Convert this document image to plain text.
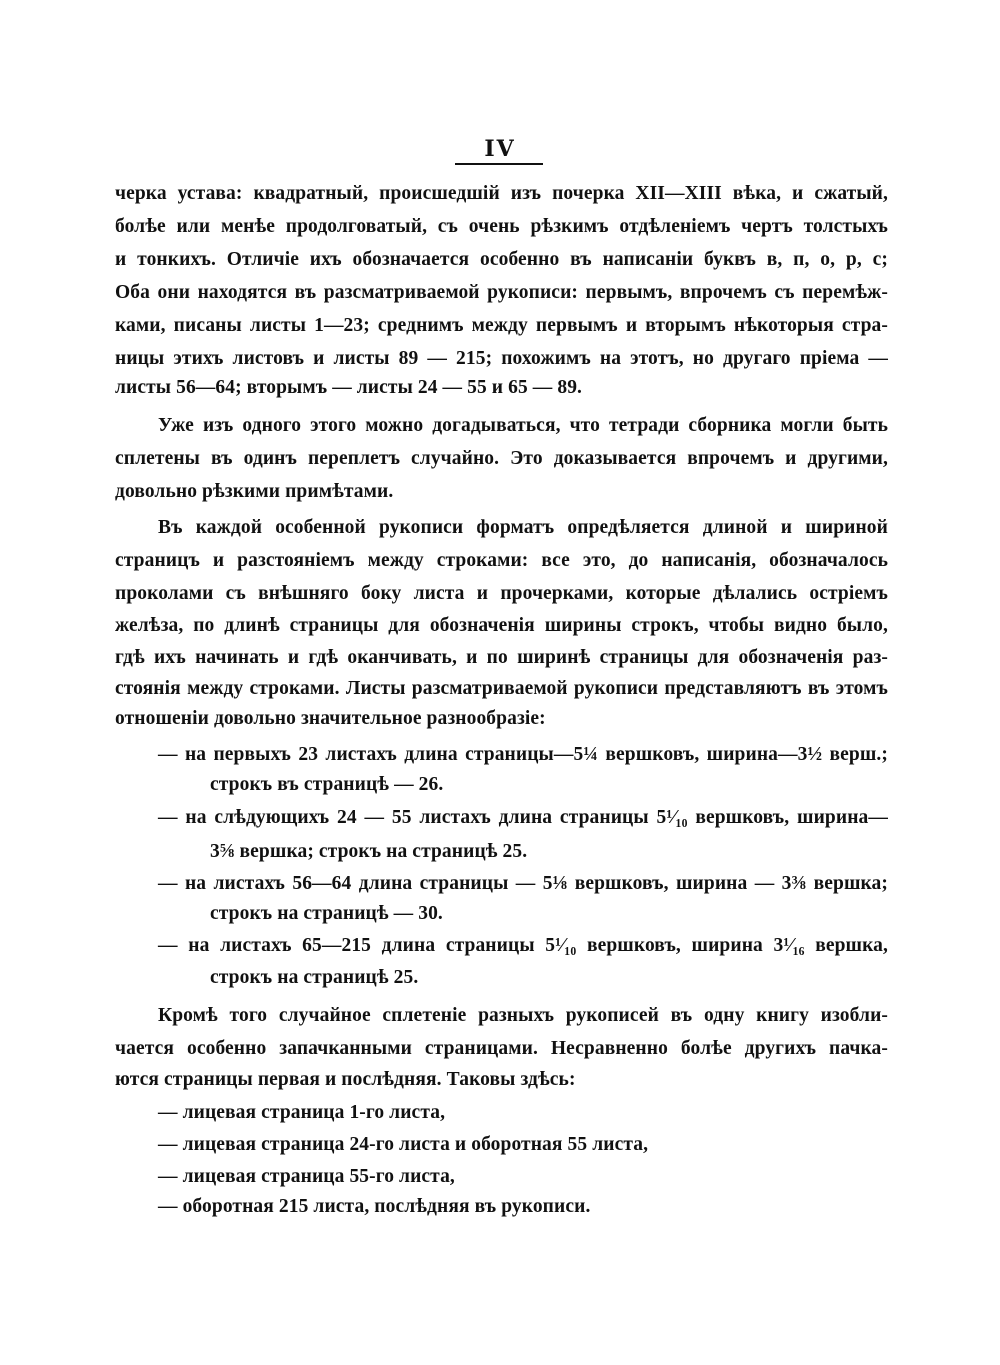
IV
черка устава: квадратный, происшедшій изъ почерка XII—XIII вѣка, и сжатый,
болѣе или менѣе продолговатый, съ очень рѣзкимъ отдѣленіемъ чертъ толстыхъ
и тонкихъ. Отличіе ихъ обозначается особенно въ написаніи буквъ в, п, о, р, с;
Оба они находятся въ разсматриваемой рукописи: первымъ, впрочемъ съ перемѣж-
ками, писаны листы 1—23; среднимъ между первымъ и вторымъ нѣкоторыя стра-
ницы этихъ листовъ и листы 89 — 215; похожимъ на этотъ, но другаго пріема —
листы 56—64; вторымъ — листы 24 — 55 и 65 — 89.
Уже изъ одного этого можно догадываться, что тетради сборника могли быть
сплетены въ одинъ переплетъ случайно. Это доказывается впрочемъ и другими,
довольно рѣзкими примѣтами.
Въ каждой особенной рукописи форматъ опредѣляется длиной и шириной
страницъ и разстояніемъ между строками: все это, до написанія, обозначалось
проколами съ внѣшняго боку листа и прочерками, которые дѣлались остріемъ
желѣза, по длинѣ страницы для обозначенія ширины строкъ, чтобы видно было,
гдѣ ихъ начинать и гдѣ оканчивать, и по ширинѣ страницы для обозначенія раз-
стоянія между строками. Листы разсматриваемой рукописи представляютъ въ этомъ
отношеніи довольно значительное разнообразіе:
— на первыхъ 23 листахъ длина страницы—5¼ вершковъ, ширина—3½ верш.;
строкъ въ страницѣ — 26.
— на слѣдующихъ 24 — 55 листахъ длина страницы 5¹⁄₁₀ вершковъ, ширина—
3⅝ вершка; строкъ на страницѣ 25.
— на листахъ 56—64 длина страницы — 5⅛ вершковъ, ширина — 3⅜ вершка;
строкъ на страницѣ — 30.
— на листахъ 65—215 длина страницы 5¹⁄₁₀ вершковъ, ширина 3¹⁄₁₆ вершка,
строкъ на страницѣ 25.
Кромѣ того случайное сплетеніе разныхъ рукописей въ одну книгу изобли-
чается особенно запачканными страницами. Несравненно болѣе другихъ пачка-
ются страницы первая и послѣдняя. Таковы здѣсь:
— лицевая страница 1-го листа,
— лицевая страница 24-го листа и оборотная 55 листа,
— лицевая страница 55-го листа,
— оборотная 215 листа, послѣдняя въ рукописи.
